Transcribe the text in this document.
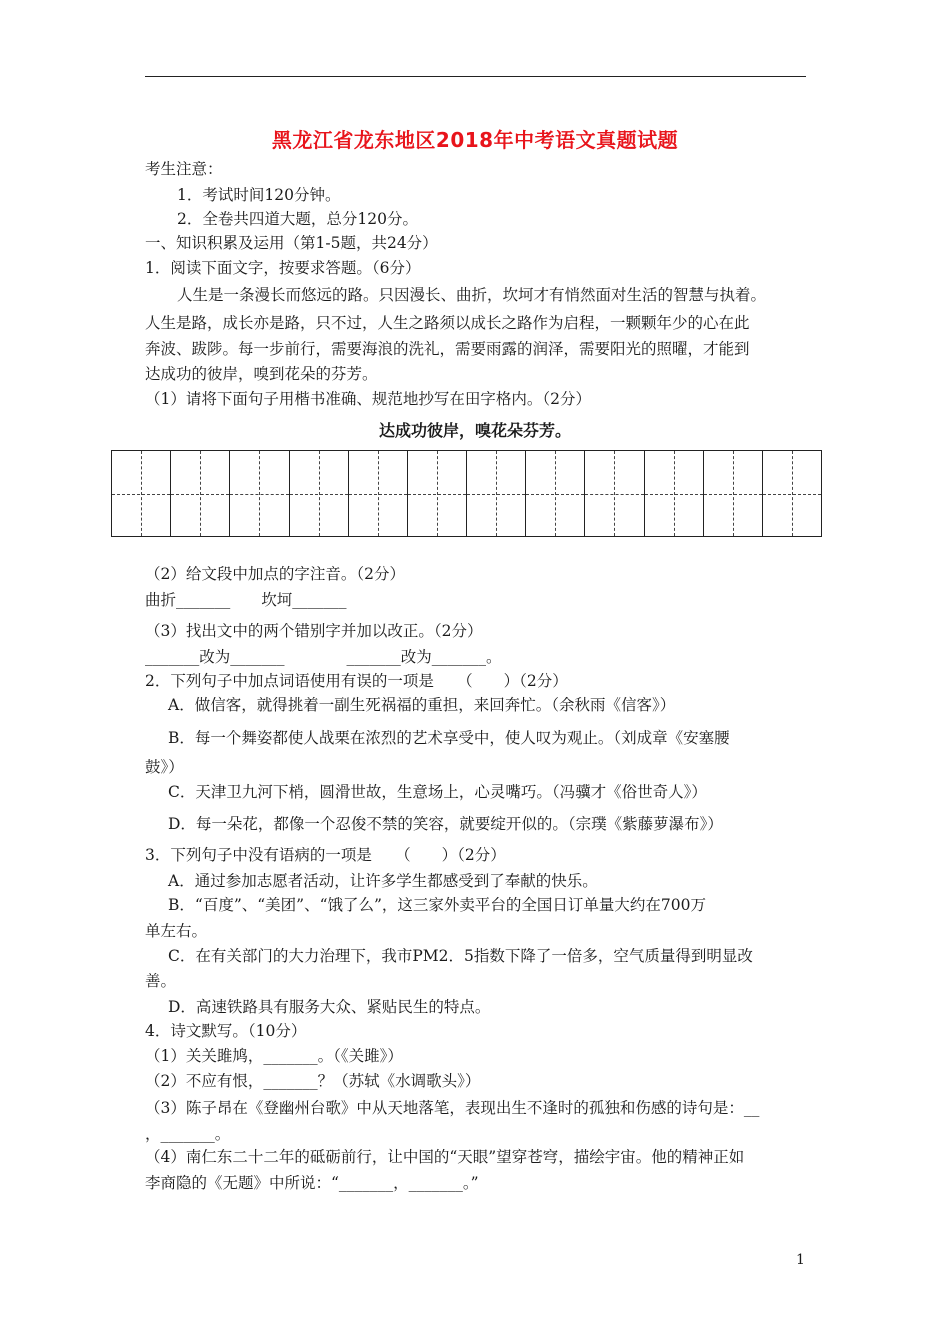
黑龙江省龙东地区2018年中考语文真题试题
考生注意：
1．考试时间120分钟。
2．全卷共四道大题，总分120分。
一、知识积累及运用（第1-5题，共24分）
1．阅读下面文字，按要求答题。（6分）
人生是一条漫长而悠远的路。只因漫长、曲折，坎坷才有悄然面对生活的智慧与执着。
人生是路，成长亦是路，只不过，人生之路须以成长之路作为启程，一颗颗年少的心在此
奔波、跋陟。每一步前行，需要海浪的洗礼，需要雨露的润泽，需要阳光的照曜，才能到
达成功的彼岸，嗅到花朵的芬芳。
（1）请将下面句子用楷书准确、规范地抄写在田字格内。（2分）
达成功彼岸，嗅花朵芬芳。
（2）给文段中加点的字注音。（2分）
曲折_______　　坎坷_______
（3）找出文中的两个错别字并加以改正。（2分）
_______改为_______　　　　_______改为_______。
2．下列句子中加点词语使用有误的一项是　　（　　）（2分）
A．做信客，就得挑着一副生死祸福的重担，来回奔忙。（余秋雨《信客》）
B．每一个舞姿都使人战栗在浓烈的艺术享受中，使人叹为观止。（刘成章《安塞腰
鼓》）
C．天津卫九河下梢，圆滑世故，生意场上，心灵嘴巧。（冯骥才《俗世奇人》）
D．每一朵花，都像一个忍俊不禁的笑容，就要绽开似的。（宗璞《紫藤萝瀑布》）
3．下列句子中没有语病的一项是　　（　　）（2分）
A．通过参加志愿者活动，让许多学生都感受到了奉献的快乐。
B．“百度”、“美团”、“饿了么”，这三家外卖平台的全国日订单量大约在700万
单左右。
C．在有关部门的大力治理下，我市PM2．5指数下降了一倍多，空气质量得到明显改
善。
D．高速铁路具有服务大众、紧贴民生的特点。
4．诗文默写。（10分）
（1）关关雎鸠，_______。（《关雎》）
（2）不应有恨，_______？（苏轼《水调歌头》）
（3）陈子昂在《登幽州台歌》中从天地落笔，表现出生不逢时的孤独和伤感的诗句是：__
，_______。
（4）南仁东二十二年的砥砺前行，让中国的“天眼”望穿苍穹，描绘宇宙。他的精神正如
李商隐的《无题》中所说：“_______，_______。”
1
